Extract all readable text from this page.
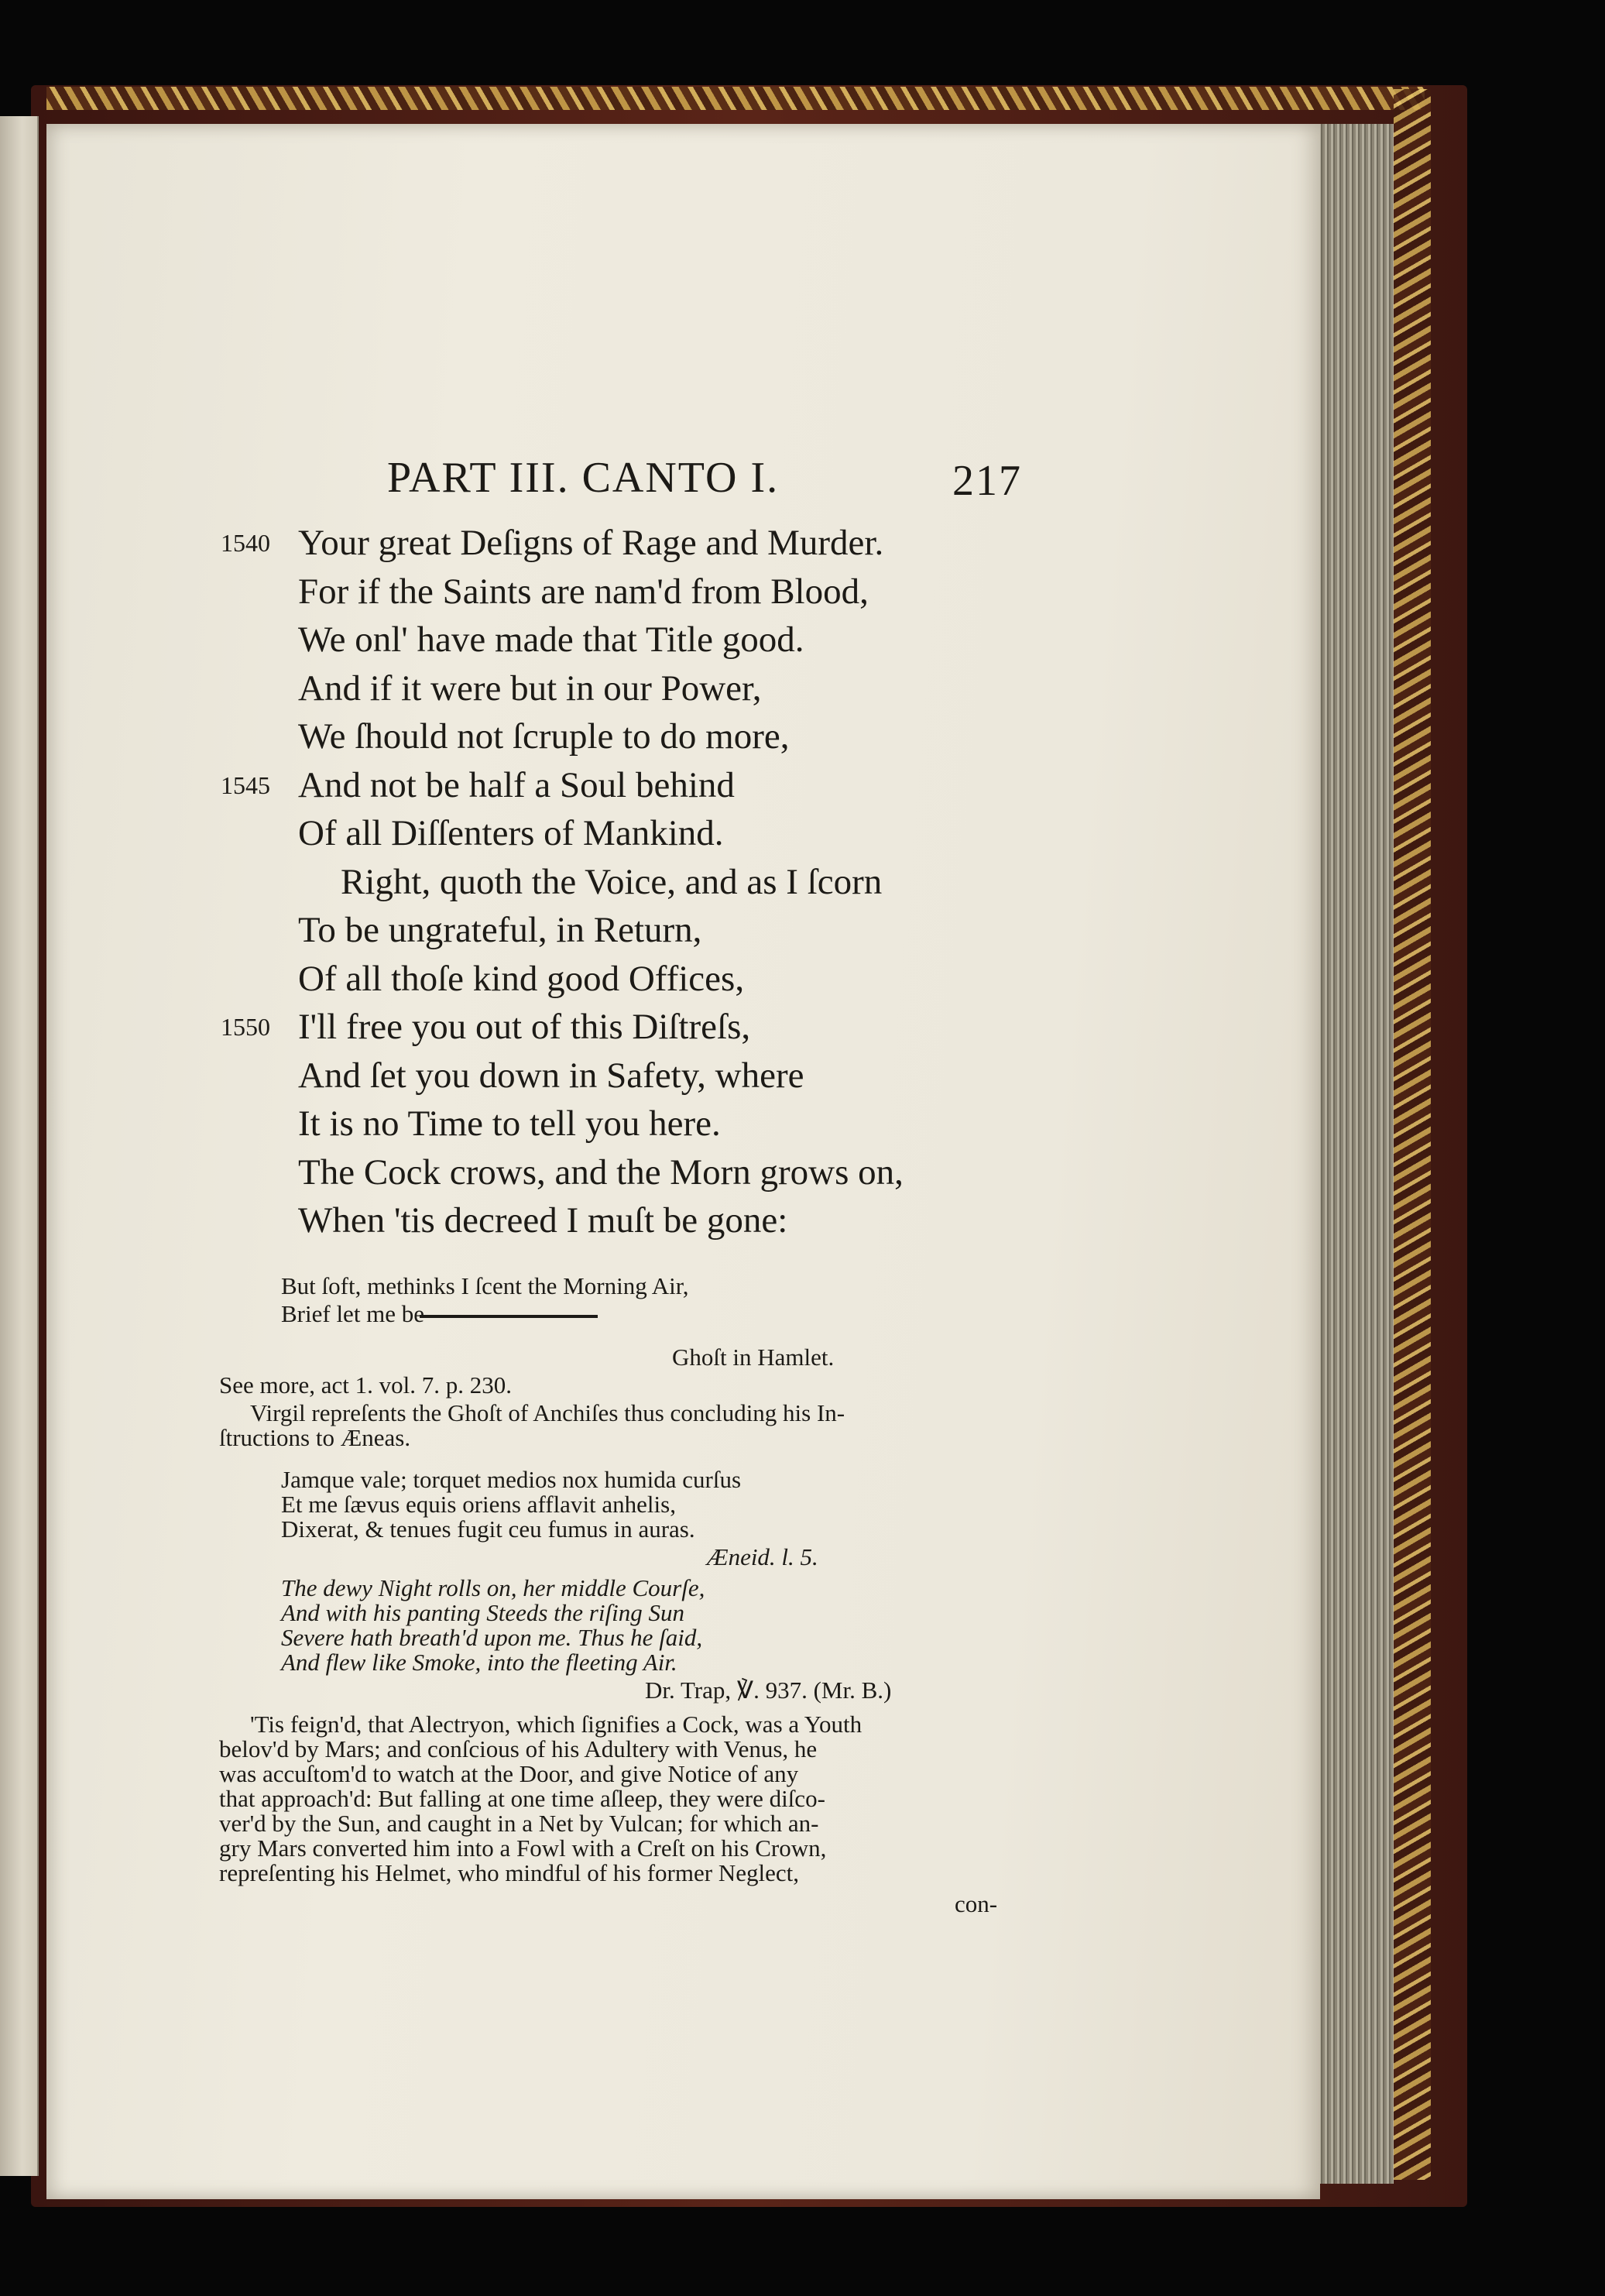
PART III. CANTO I.	217
1540 Your great Deſigns of Rage and Murder.
For if the Saints are nam'd from Blood,
We onl' have made that Title good.
And if it were but in our Power,
We ſhould not ſcruple to do more,
1545 And not be half a Soul behind
Of all Diſſenters of Mankind.
Right, quoth the Voice, and as I ſcorn
To be ungrateful, in Return,
Of all thoſe kind good Offices,
1550 I'll free you out of this Diſtreſs,
And ſet you down in Safety, where
It is no Time to tell you here.
The Cock crows, and the Morn grows on,
When 'tis decreed I muſt be gone:
But ſoft, methinks I ſcent the Morning Air,
Brief let me be
Ghoſt in Hamlet.
See more, act 1. vol. 7. p. 230.
Virgil repreſents the Ghoſt of Anchiſes thus concluding his In-
ſtructions to Æneas.
Jamque vale; torquet medios nox humida curſus
Et me ſævus equis oriens afflavit anhelis,
Dixerat, & tenues fugit ceu fumus in auras.
Æneid. l. 5.
The dewy Night rolls on, her middle Courſe,
And with his panting Steeds the riſing Sun
Severe hath breath'd upon me. Thus he ſaid,
And flew like Smoke, into the fleeting Air.
Dr. Trap, ℣. 937. (Mr. B.)
'Tis feign'd, that Alectryon, which ſignifies a Cock, was a Youth
belov'd by Mars; and conſcious of his Adultery with Venus, he
was accuſtom'd to watch at the Door, and give Notice of any
that approach'd: But falling at one time aſleep, they were diſco-
ver'd by the Sun, and caught in a Net by Vulcan; for which an-
gry Mars converted him into a Fowl with a Creſt on his Crown,
repreſenting his Helmet, who mindful of his former Neglect,
con-
